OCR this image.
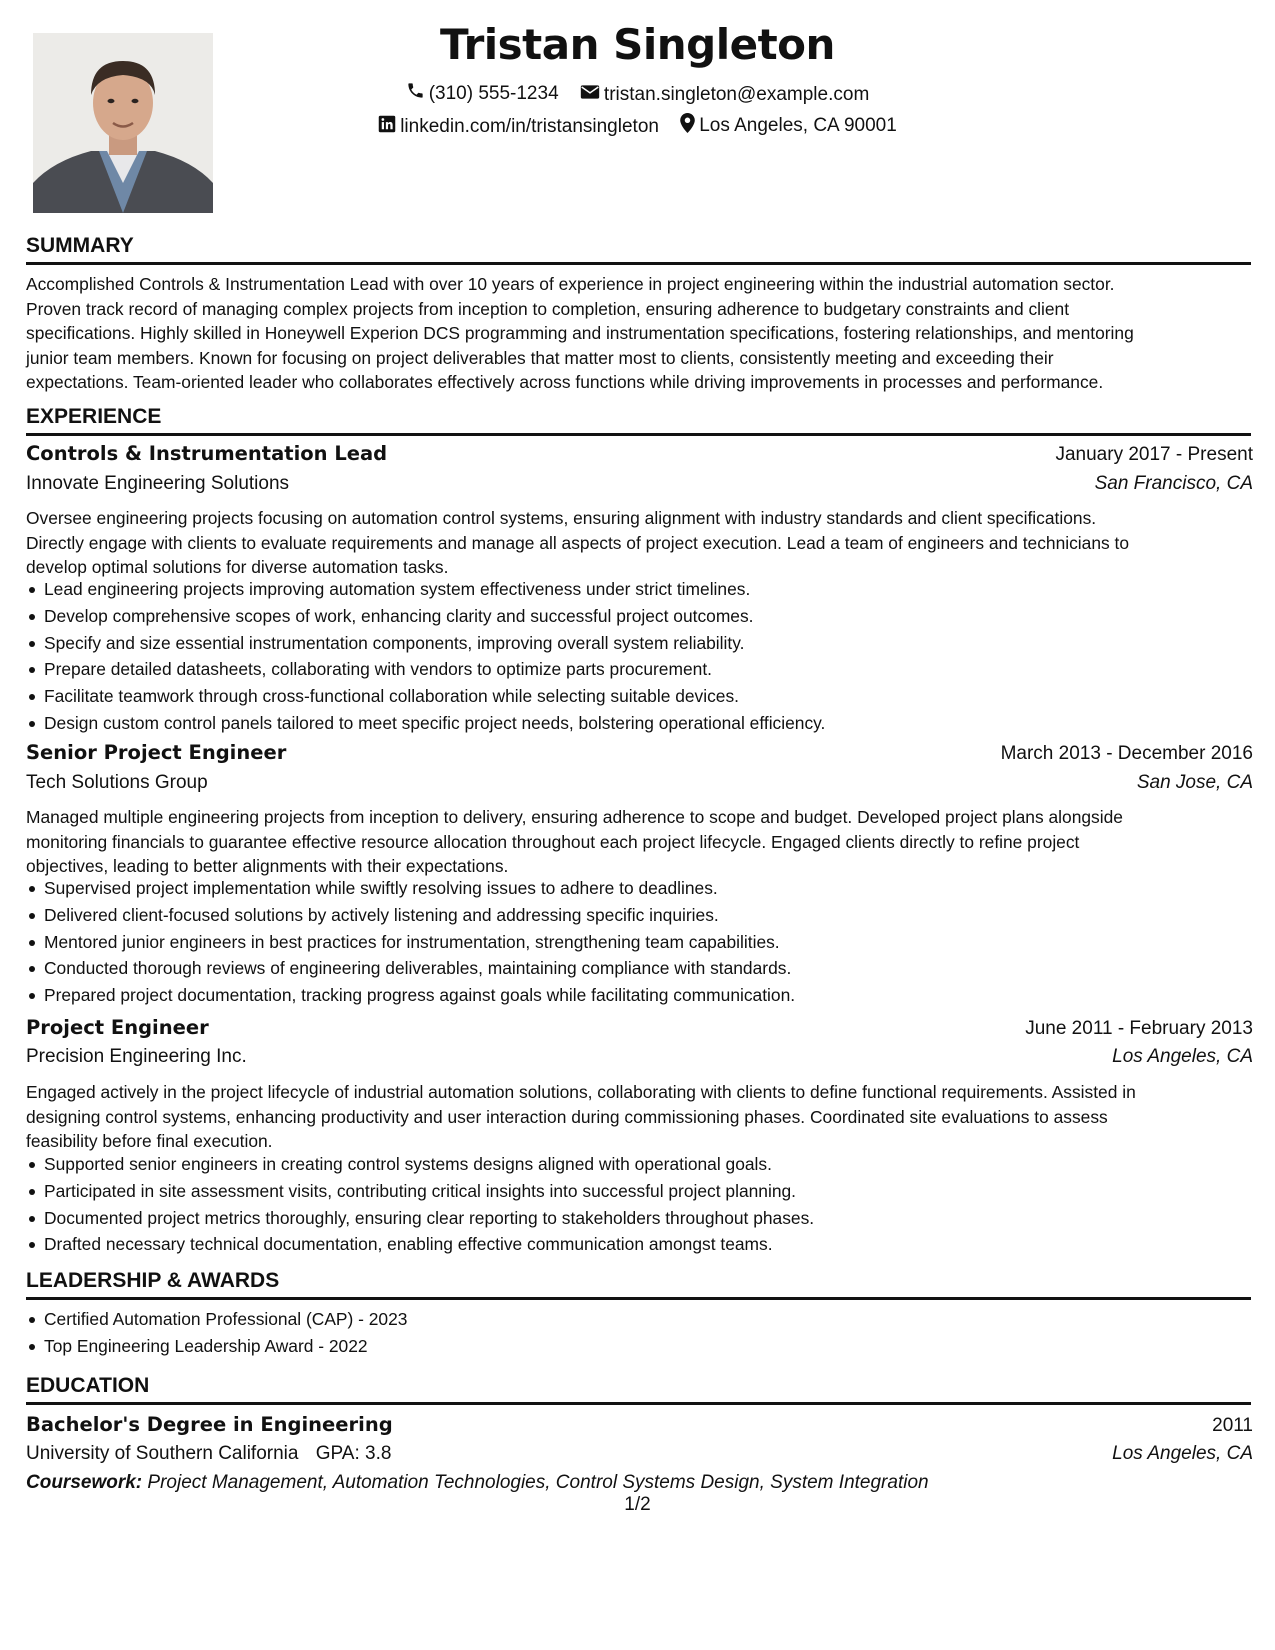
Tristan Singleton
(310) 555-1234
tristan.singleton@example.com
linkedin.com/in/tristansingleton
Los Angeles, CA 90001
SUMMARY
Accomplished Controls & Instrumentation Lead with over 10 years of experience in project engineering within the industrial automation sector.
Proven track record of managing complex projects from inception to completion, ensuring adherence to budgetary constraints and client
specifications. Highly skilled in Honeywell Experion DCS programming and instrumentation specifications, fostering relationships, and mentoring
junior team members. Known for focusing on project deliverables that matter most to clients, consistently meeting and exceeding their
expectations. Team-oriented leader who collaborates effectively across functions while driving improvements in processes and performance.
EXPERIENCE
Controls & Instrumentation Lead	January 2017 - Present
Innovate Engineering Solutions	San Francisco, CA
Oversee engineering projects focusing on automation control systems, ensuring alignment with industry standards and client specifications.
Directly engage with clients to evaluate requirements and manage all aspects of project execution. Lead a team of engineers and technicians to
develop optimal solutions for diverse automation tasks.
Lead engineering projects improving automation system effectiveness under strict timelines.
Develop comprehensive scopes of work, enhancing clarity and successful project outcomes.
Specify and size essential instrumentation components, improving overall system reliability.
Prepare detailed datasheets, collaborating with vendors to optimize parts procurement.
Facilitate teamwork through cross-functional collaboration while selecting suitable devices.
Design custom control panels tailored to meet specific project needs, bolstering operational efficiency.
Senior Project Engineer	March 2013 - December 2016
Tech Solutions Group	San Jose, CA
Managed multiple engineering projects from inception to delivery, ensuring adherence to scope and budget. Developed project plans alongside
monitoring financials to guarantee effective resource allocation throughout each project lifecycle. Engaged clients directly to refine project
objectives, leading to better alignments with their expectations.
Supervised project implementation while swiftly resolving issues to adhere to deadlines.
Delivered client-focused solutions by actively listening and addressing specific inquiries.
Mentored junior engineers in best practices for instrumentation, strengthening team capabilities.
Conducted thorough reviews of engineering deliverables, maintaining compliance with standards.
Prepared project documentation, tracking progress against goals while facilitating communication.
Project Engineer	June 2011 - February 2013
Precision Engineering Inc.	Los Angeles, CA
Engaged actively in the project lifecycle of industrial automation solutions, collaborating with clients to define functional requirements. Assisted in
designing control systems, enhancing productivity and user interaction during commissioning phases. Coordinated site evaluations to assess
feasibility before final execution.
Supported senior engineers in creating control systems designs aligned with operational goals.
Participated in site assessment visits, contributing critical insights into successful project planning.
Documented project metrics thoroughly, ensuring clear reporting to stakeholders throughout phases.
Drafted necessary technical documentation, enabling effective communication amongst teams.
LEADERSHIP & AWARDS
Certified Automation Professional (CAP) - 2023
Top Engineering Leadership Award - 2022
EDUCATION
Bachelor's Degree in Engineering	2011
University of Southern California GPA: 3.8	Los Angeles, CA
Coursework: Project Management, Automation Technologies, Control Systems Design, System Integration
1/2
